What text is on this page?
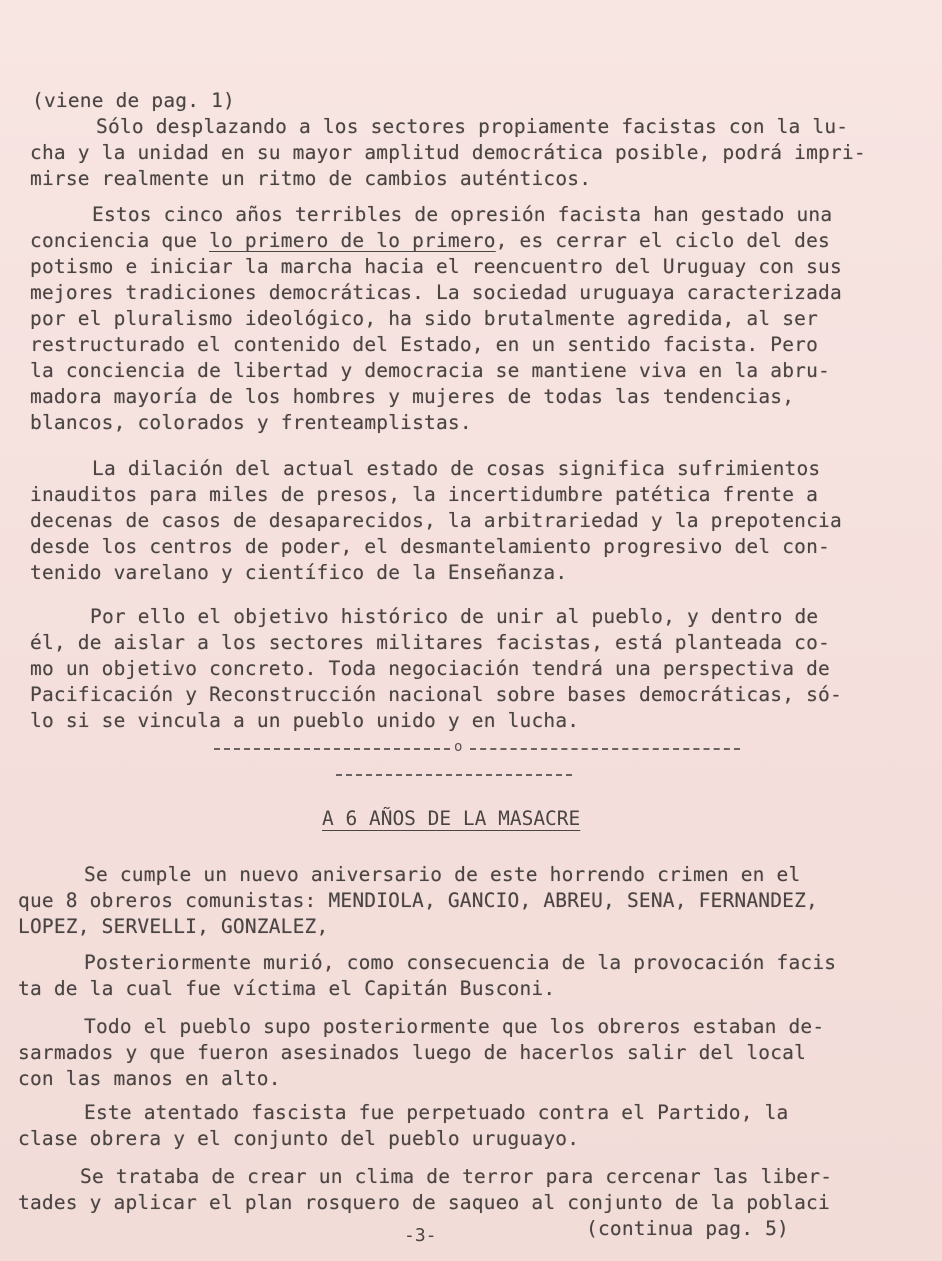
(viene de pag. 1)
Sólo desplazando a los sectores propiamente facistas con la lu-
cha y la unidad en su mayor amplitud democrática posible, podrá impri-
mirse realmente un ritmo de cambios auténticos.
Estos cinco años terribles de opresión facista han gestado una
conciencia que lo primero de lo primero, es cerrar el ciclo del des
potismo e iniciar la marcha hacia el reencuentro del Uruguay con sus
mejores tradiciones democráticas. La sociedad uruguaya caracterizada
por el pluralismo ideológico, ha sido brutalmente agredida, al ser
restructurado el contenido del Estado, en un sentido facista. Pero
la conciencia de libertad y democracia se mantiene viva en la abru-
madora mayoría de los hombres y mujeres de todas las tendencias,
blancos, colorados y frenteamplistas.
La dilación del actual estado de cosas significa sufrimientos
inauditos para miles de presos, la incertidumbre patética frente a
decenas de casos de desaparecidos, la arbitrariedad y la prepotencia
desde los centros de poder, el desmantelamiento progresivo del con-
tenido varelano y científico de la Enseñanza.
Por ello el objetivo histórico de unir al pueblo, y dentro de
él, de aislar a los sectores militares facistas, está planteada co-
mo un objetivo concreto. Toda negociación tendrá una perspectiva de
Pacificación y Reconstrucción nacional sobre bases democráticas, só-
lo si se vincula a un pueblo unido y en lucha.
o
A 6 AÑOS DE LA MASACRE
Se cumple un nuevo aniversario de este horrendo crimen en el
que 8 obreros comunistas: MENDIOLA, GANCIO, ABREU, SENA, FERNANDEZ,
LOPEZ, SERVELLI, GONZALEZ,
Posteriormente murió, como consecuencia de la provocación facis
ta de la cual fue víctima el Capitán Busconi.
Todo el pueblo supo posteriormente que los obreros estaban de-
sarmados y que fueron asesinados luego de hacerlos salir del local
con las manos en alto.
Este atentado fascista fue perpetuado contra el Partido, la
clase obrera y el conjunto del pueblo uruguayo.
Se trataba de crear un clima de terror para cercenar las liber-
tades y aplicar el plan rosquero de saqueo al conjunto de la poblaci
(continua pag. 5)
-3-
